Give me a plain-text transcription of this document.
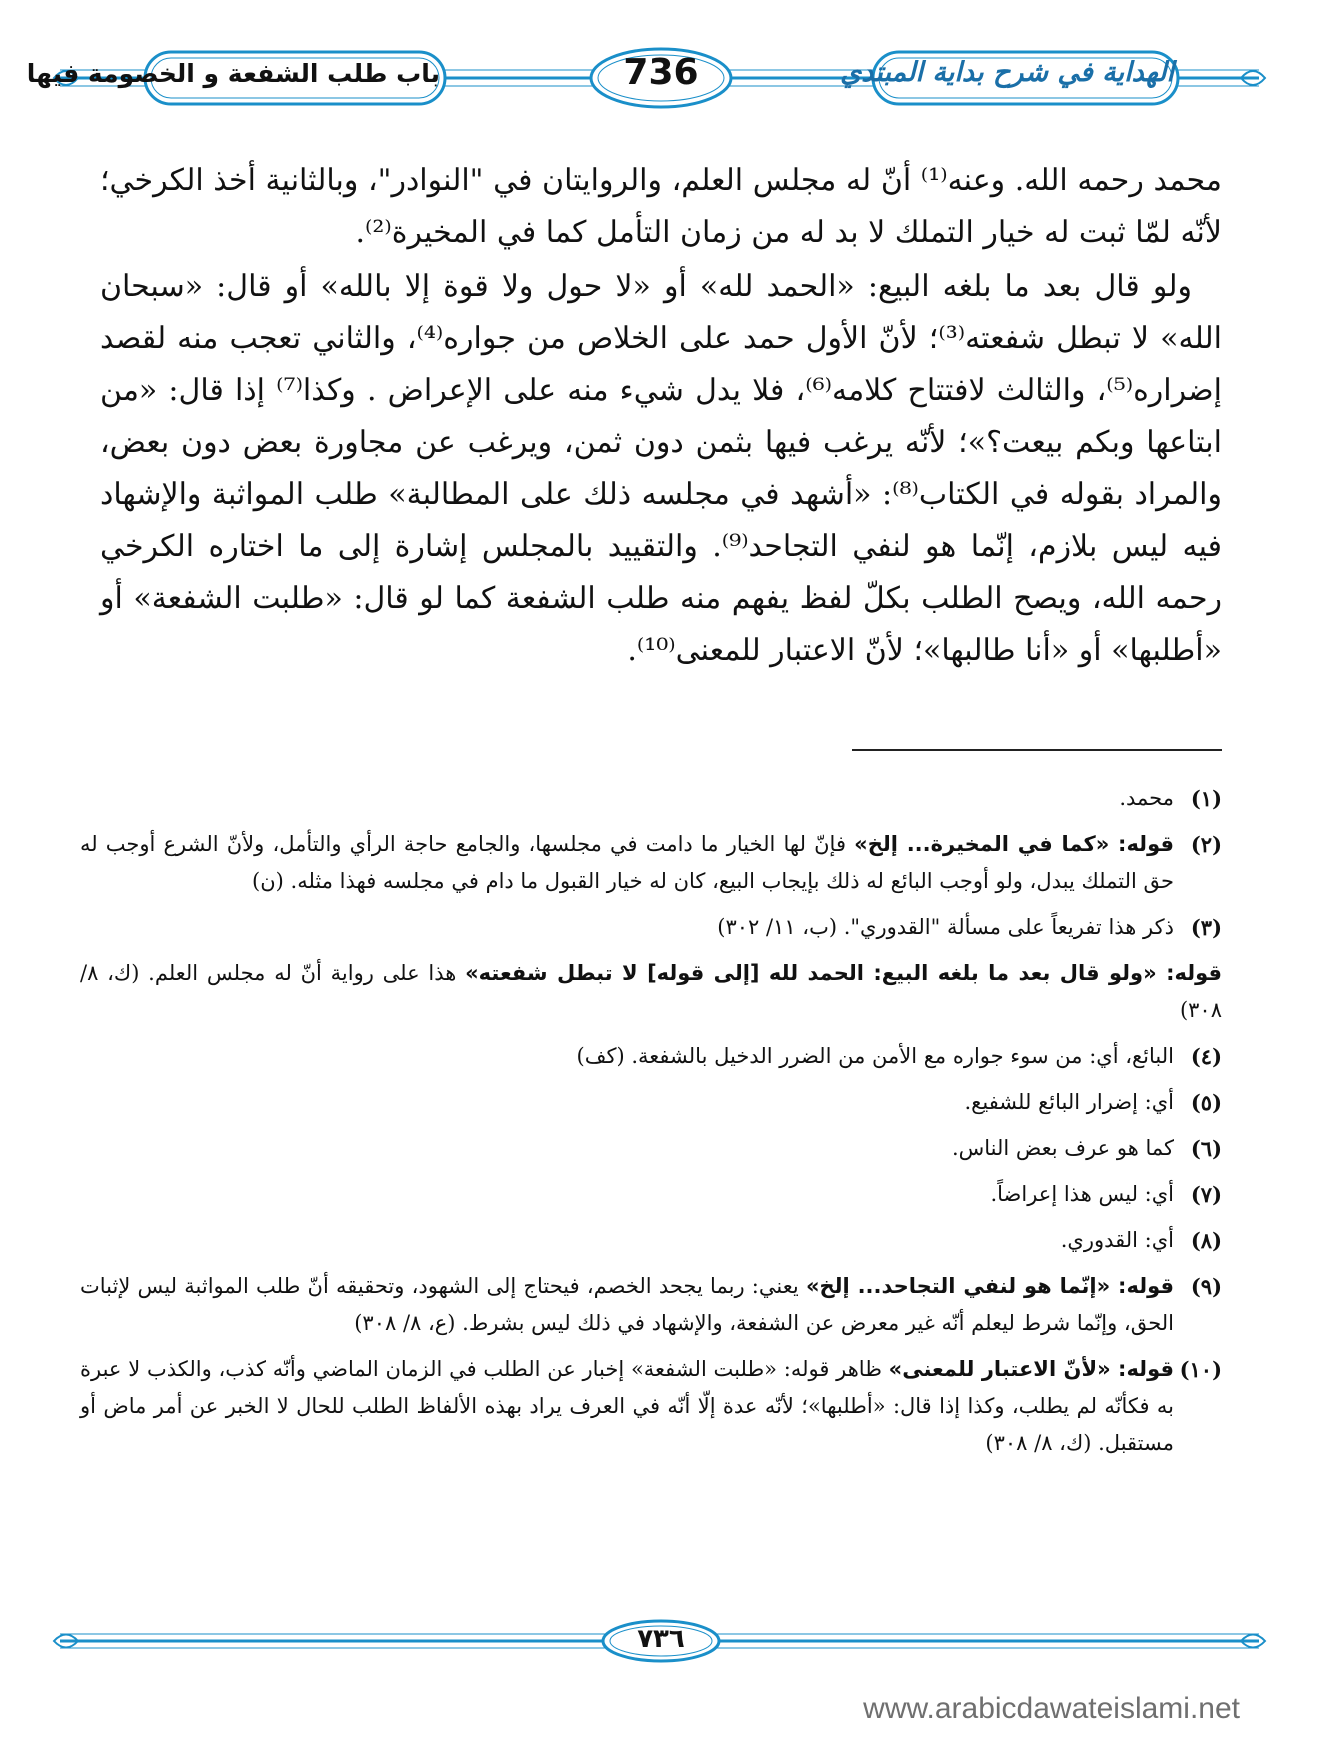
باب طلب الشفعة و الخصومة فيها	736	الهداية في شرح بداية المبتدي

محمد رحمه الله. وعنه⁽¹⁾ أنّ له مجلس العلم، والروايتان في "النوادر"، وبالثانية أخذ الكرخي؛ لأنّه لمّا ثبت له خيار التملك لا بد له من زمان التأمل كما في المخيرة⁽²⁾.

ولو قال بعد ما بلغه البيع: «الحمد لله» أو «لا حول ولا قوة إلا بالله» أو قال: «سبحان الله» لا تبطل شفعته⁽³⁾؛ لأنّ الأول حمد على الخلاص من جواره⁽⁴⁾، والثاني تعجب منه لقصد إضراره⁽⁵⁾، والثالث لافتتاح كلامه⁽⁶⁾، فلا يدل شيء منه على الإعراض . وكذا⁽⁷⁾ إذا قال: «من ابتاعها وبكم بيعت؟»؛ لأنّه يرغب فيها بثمن دون ثمن، ويرغب عن مجاورة بعض دون بعض، والمراد بقوله في الكتاب⁽⁸⁾: «أشهد في مجلسه ذلك على المطالبة» طلب المواثبة والإشهاد فيه ليس بلازم، إنّما هو لنفي التجاحد⁽⁹⁾. والتقييد بالمجلس إشارة إلى ما اختاره الكرخي رحمه الله، ويصح الطلب بكلّ لفظ يفهم منه طلب الشفعة كما لو قال: «طلبت الشفعة» أو «أطلبها» أو «أنا طالبها»؛ لأنّ الاعتبار للمعنى⁽¹⁰⁾.

(١)
محمد.
(٢)
قوله: «كما في المخيرة... إلخ» فإنّ لها الخيار ما دامت في مجلسها، والجامع حاجة الرأي والتأمل، ولأنّ الشرع أوجب له حق التملك يبدل، ولو أوجب البائع له ذلك بإيجاب البيع، كان له خيار القبول ما دام في مجلسه فهذا مثله. (ن)
(٣)
ذكر هذا تفريعاً على مسألة "القدوري". (ب، ١١/ ٣٠٢)
قوله: «ولو قال بعد ما بلغه البيع: الحمد لله [إلى قوله] لا تبطل شفعته» هذا على رواية أنّ له مجلس العلم. (ك، ٨/ ٣٠٨)
(٤)
البائع، أي: من سوء جواره مع الأمن من الضرر الدخيل بالشفعة. (كف)
(٥)
أي: إضرار البائع للشفيع.
(٦)
كما هو عرف بعض الناس.
(٧)
أي: ليس هذا إعراضاً.
(٨)
أي: القدوري.
(٩)
قوله: «إنّما هو لنفي التجاحد... إلخ» يعني: ربما يجحد الخصم، فيحتاج إلى الشهود، وتحقيقه أنّ طلب المواثبة ليس لإثبات الحق، وإنّما شرط ليعلم أنّه غير معرض عن الشفعة، والإشهاد في ذلك ليس بشرط. (ع، ٨/ ٣٠٨)
(١٠)
قوله: «لأنّ الاعتبار للمعنى» ظاهر قوله: «طلبت الشفعة» إخبار عن الطلب في الزمان الماضي وأنّه كذب، والكذب لا عبرة به فكأنّه لم يطلب، وكذا إذا قال: «أطلبها»؛ لأنّه عدة إلّا أنّه في العرف يراد بهذه الألفاظ الطلب للحال لا الخبر عن أمر ماض أو مستقبل. (ك، ٨/ ٣٠٨)
٧٣٦
www.arabicdawateislami.net
